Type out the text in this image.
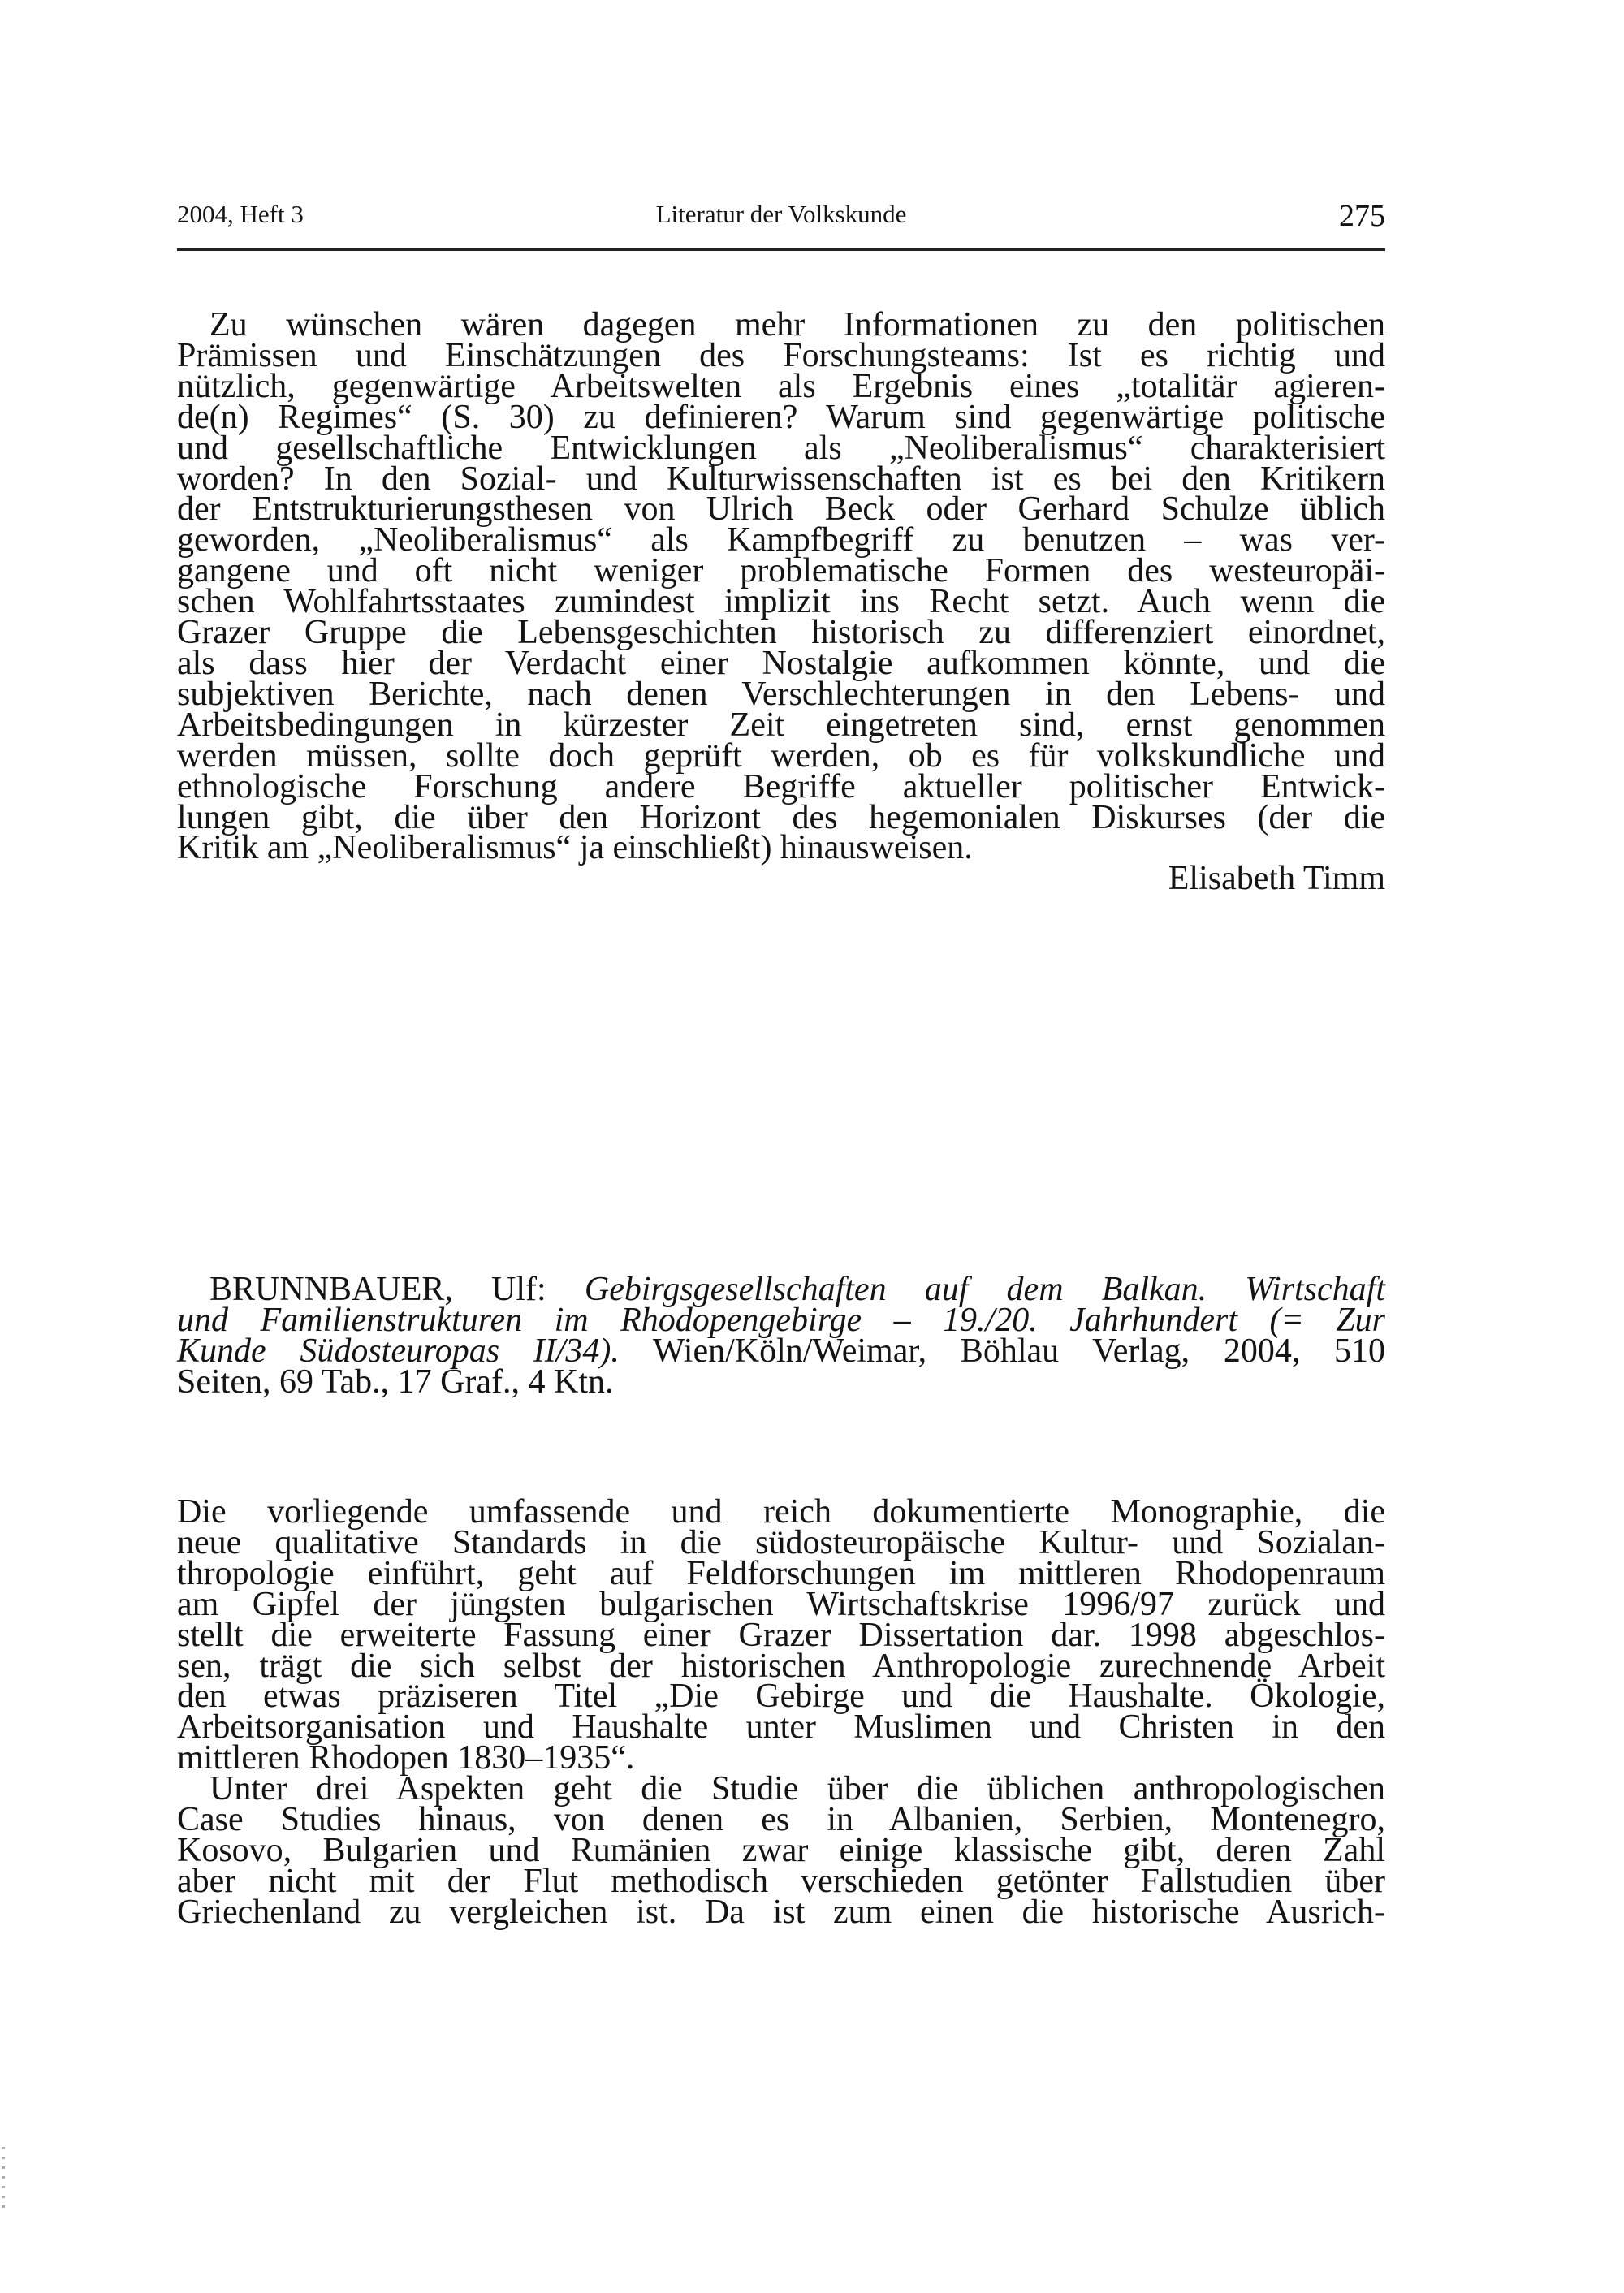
2004, Heft 3	Literatur der Volkskunde	275
Zu wünschen wären dagegen mehr Informationen zu den politischen
Prämissen und Einschätzungen des Forschungsteams: Ist es richtig und
nützlich, gegenwärtige Arbeitswelten als Ergebnis eines „totalitär agieren-
de(n) Regimes“ (S. 30) zu definieren? Warum sind gegenwärtige politische
und gesellschaftliche Entwicklungen als „Neoliberalismus“ charakterisiert
worden? In den Sozial- und Kulturwissenschaften ist es bei den Kritikern
der Entstrukturierungsthesen von Ulrich Beck oder Gerhard Schulze üblich
geworden, „Neoliberalismus“ als Kampfbegriff zu benutzen – was ver-
gangene und oft nicht weniger problematische Formen des westeuropäi-
schen Wohlfahrtsstaates zumindest implizit ins Recht setzt. Auch wenn die
Grazer Gruppe die Lebensgeschichten historisch zu differenziert einordnet,
als dass hier der Verdacht einer Nostalgie aufkommen könnte, und die
subjektiven Berichte, nach denen Verschlechterungen in den Lebens- und
Arbeitsbedingungen in kürzester Zeit eingetreten sind, ernst genommen
werden müssen, sollte doch geprüft werden, ob es für volkskundliche und
ethnologische Forschung andere Begriffe aktueller politischer Entwick-
lungen gibt, die über den Horizont des hegemonialen Diskurses (der die
Kritik am „Neoliberalismus“ ja einschließt) hinausweisen.
Elisabeth Timm
BRUNNBAUER, Ulf: Gebirgsgesellschaften auf dem Balkan. Wirtschaft
und Familienstrukturen im Rhodopengebirge – 19./20. Jahrhundert (= Zur
Kunde Südosteuropas II/34). Wien/Köln/Weimar, Böhlau Verlag, 2004, 510
Seiten, 69 Tab., 17 Graf., 4 Ktn.
Die vorliegende umfassende und reich dokumentierte Monographie, die
neue qualitative Standards in die südosteuropäische Kultur- und Sozialan-
thropologie einführt, geht auf Feldforschungen im mittleren Rhodopenraum
am Gipfel der jüngsten bulgarischen Wirtschaftskrise 1996/97 zurück und
stellt die erweiterte Fassung einer Grazer Dissertation dar. 1998 abgeschlos-
sen, trägt die sich selbst der historischen Anthropologie zurechnende Arbeit
den etwas präziseren Titel „Die Gebirge und die Haushalte. Ökologie,
Arbeitsorganisation und Haushalte unter Muslimen und Christen in den
mittleren Rhodopen 1830–1935“.
Unter drei Aspekten geht die Studie über die üblichen anthropologischen
Case Studies hinaus, von denen es in Albanien, Serbien, Montenegro,
Kosovo, Bulgarien und Rumänien zwar einige klassische gibt, deren Zahl
aber nicht mit der Flut methodisch verschieden getönter Fallstudien über
Griechenland zu vergleichen ist. Da ist zum einen die historische Ausrich-
